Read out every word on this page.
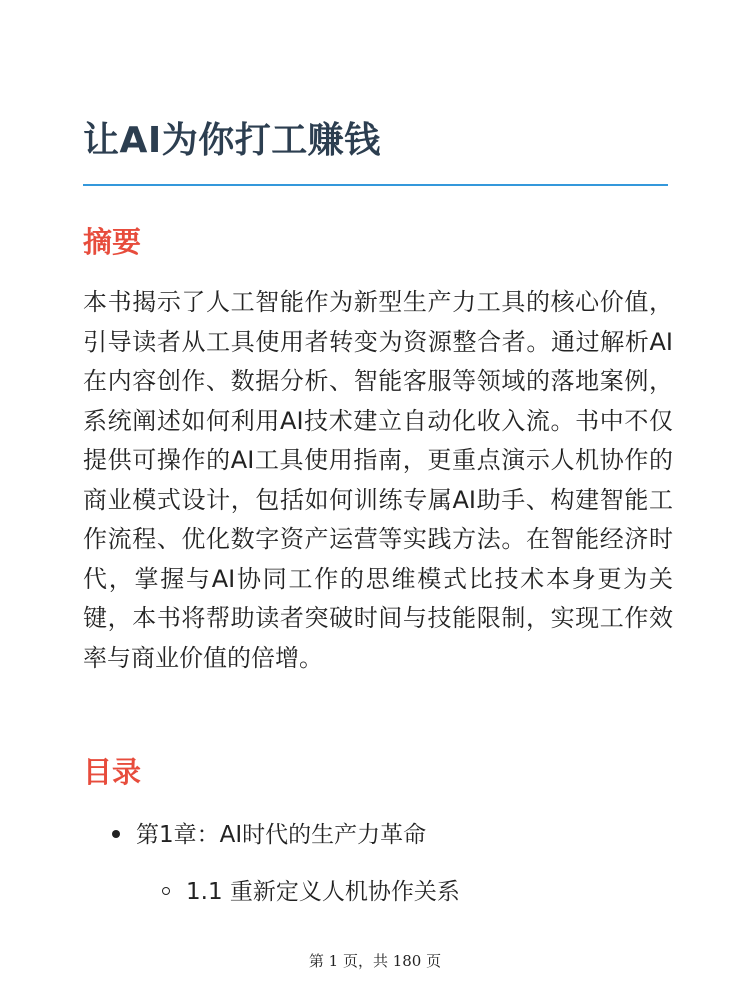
让AI为你打工赚钱
摘要

本书揭示了人工智能作为新型生产力工具的核心价值，引导读者从工具使用者转变为资源整合者。通过解析AI在内容创作、数据分析、智能客服等领域的落地案例，系统阐述如何利用AI技术建立自动化收入流。书中不仅提供可操作的AI工具使用指南，更重点演示人机协作的商业模式设计，包括如何训练专属AI助手、构建智能工作流程、优化数字资产运营等实践方法。在智能经济时代，掌握与AI协同工作的思维模式比技术本身更为关键，本书将帮助读者突破时间与技能限制，实现工作效率与商业价值的倍增。

目录
第1章：AI时代的生产力革命
1.1 重新定义人机协作关系
第 1 页，共 180 页
